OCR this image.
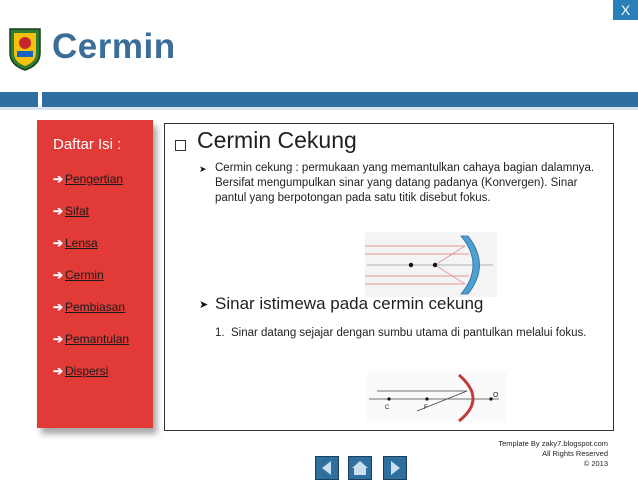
X
Cermin
Daftar Isi :
➔ Pengertian
➔ Sifat
➔ Lensa
➔ Cermin
➔ Pembiasan
➔ Pemantulan
➔ Dispersi
Cermin Cekung
➤ Cermin cekung : permukaan yang memantulkan cahaya bagian dalamnya. Bersifat mengumpulkan sinar yang datang padanya (Konvergen). Sinar pantul yang berpotongan pada satu titik disebut fokus.
➤ Sinar istimewa pada cermin cekung
1. Sinar datang sejajar dengan sumbu utama di pantulkan melalui fokus.
C	F
O
Template By zaky7.blogspot.com
All Rights Reserved
© 2013
